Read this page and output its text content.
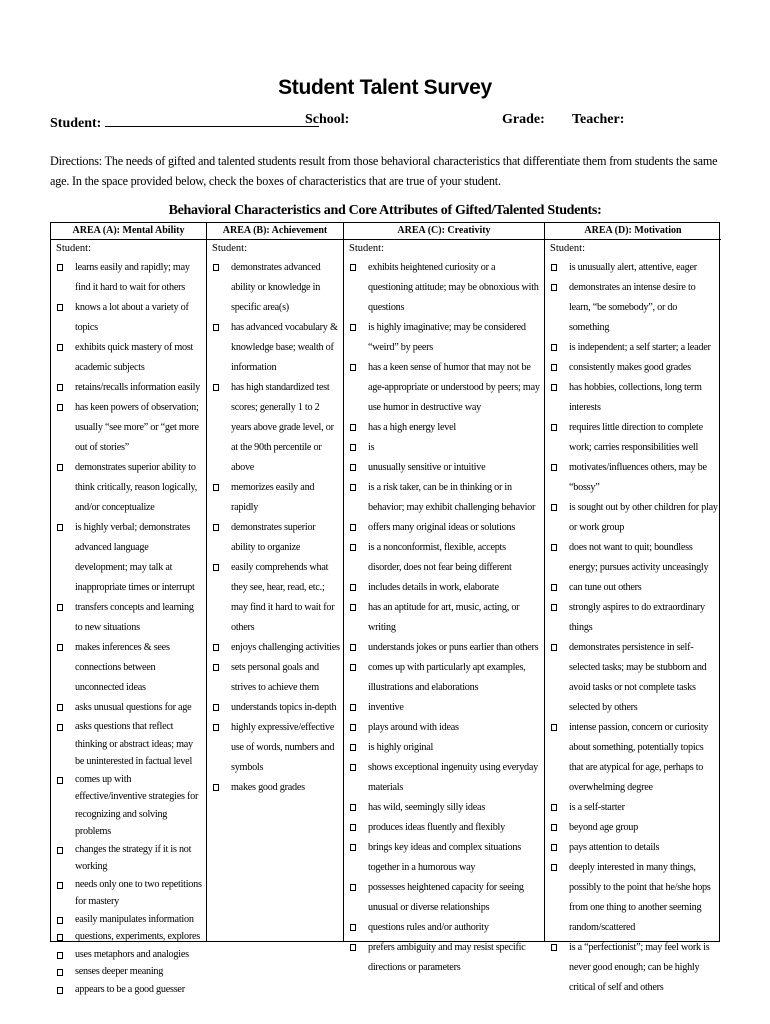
Student Talent Survey
Student:	School:	Grade: Teacher:
Directions: The needs of gifted and talented students result from those behavioral characteristics that differentiate them from students the same age. In the space provided below, check the boxes of characteristics that are true of your student.
Behavioral Characteristics and Core Attributes of Gifted/Talented Students:
AREA (A): Mental Ability
Student:
learns easily and rapidly; may find it hard to wait for others
knows a lot about a variety of topics
exhibits quick mastery of most academic subjects
retains/recalls information easily
has keen powers of observation; usually “see more” or “get more out of stories”
demonstrates superior ability to think critically, reason logically, and/or conceptualize
is highly verbal; demonstrates advanced language development; may talk at inappropriate times or interrupt
transfers concepts and learning to new situations
makes inferences & sees connections between unconnected ideas
asks unusual questions for age
asks questions that reflect thinking or abstract ideas; may be uninterested in factual level
comes up with effective/inventive strategies for recognizing and solving problems
changes the strategy if it is not working
needs only one to two repetitions for mastery
easily manipulates information
questions, experiments, explores
uses metaphors and analogies
senses deeper meaning
appears to be a good guesser
AREA (B): Achievement
Student:
demonstrates advanced ability or knowledge in specific area(s)
has advanced vocabulary & knowledge base; wealth of information
has high standardized test scores; generally 1 to 2 years above grade level, or at the 90th percentile or above
memorizes easily and rapidly
demonstrates superior ability to organize
easily comprehends what they see, hear, read, etc.; may find it hard to wait for others
enjoys challenging activities
sets personal goals and strives to achieve them
understands topics in-depth
highly expressive/effective use of words, numbers and symbols
makes good grades
AREA (C): Creativity
Student:
exhibits heightened curiosity or a questioning attitude; may be obnoxious with questions
is highly imaginative; may be considered “weird” by peers
has a keen sense of humor that may not be age-appropriate or understood by peers; may use humor in destructive way
has a high energy level
is
unusually sensitive or intuitive
is a risk taker, can be in thinking or in behavior; may exhibit challenging behavior
offers many original ideas or solutions
is a nonconformist, flexible, accepts disorder, does not fear being different
includes details in work, elaborate
has an aptitude for art, music, acting, or writing
understands jokes or puns earlier than others
comes up with particularly apt examples, illustrations and elaborations
inventive
plays around with ideas
is highly original
shows exceptional ingenuity using everyday materials
has wild, seemingly silly ideas
produces ideas fluently and flexibly
brings key ideas and complex situations together in a humorous way
possesses heightened capacity for seeing unusual or diverse relationships
questions rules and/or authority
prefers ambiguity and may resist specific directions or parameters
AREA (D): Motivation
Student:
is unusually alert, attentive, eager
demonstrates an intense desire to learn, “be somebody”, or do something
is independent; a self starter; a leader
consistently makes good grades
has hobbies, collections, long term interests
requires little direction to complete work; carries responsibilities well
motivates/influences others, may be “bossy”
is sought out by other children for play or work group
does not want to quit; boundless energy; pursues activity unceasingly
can tune out others
strongly aspires to do extraordinary things
demonstrates persistence in self-selected tasks; may be stubborn and avoid tasks or not complete tasks selected by others
intense passion, concern or curiosity about something, potentially topics that are atypical for age, perhaps to overwhelming degree
is a self-starter
beyond age group
pays attention to details
deeply interested in many things, possibly to the point that he/she hops from one thing to another seeming random/scattered
is a “perfectionist”; may feel work is never good enough; can be highly critical of self and others
